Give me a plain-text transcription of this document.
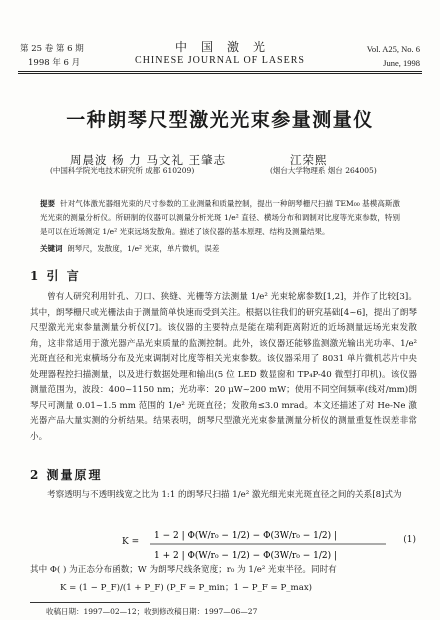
第 25 卷 第 6 期
1998 年 6 月
中国激光
CHINESE JOURNAL OF LASERS
Vol. A25, No. 6
June, 1998
一种朗琴尺型激光光束参量测量仪
周晨波 杨 力 马文礼 王肇志	江荣熙
(中国科学院光电技术研究所 成都 610209)	(烟台大学物理系 烟台 264005)
提要 针对气体激光器细光束的尺寸参数的工业测量和质量控制，提出一种朗琴栅尺扫描 TEM₀₀ 基模高斯激光光束的测量分析仪。所研制的仪器可以测量分析光斑 1/e² 直径、横场分布和调制对比度等光束参数，特别是可以在近场测定 1/e² 光束远场发散角。描述了该仪器的基本原理、结构及测量结果。
关键词 朗琴尺，发散度，1/e² 光束，单片微机，误差
1 引 言
曾有人研究利用针孔、刀口、狭缝、光栅等方法测量 1/e² 光束轮廓参数[1,2]，并作了比较[3]。其中，朗琴栅尺或光栅法由于测量简单快速而受到关注。根据以往我们的研究基础[4~6]，提出了朗琴尺型激光光束参量测量分析仪[7]。该仪器的主要特点是能在瑞利距离附近的近场测量远场光束发散角，这非常适用于激光器产品光束质量的监测控制。此外，该仪器还能够监测激光输出光功率、1/e² 光斑直径和光束横场分布及光束调制对比度等相关光束参数。该仪器采用了 8031 单片微机芯片中央处理器程控扫描测量，以及进行数据处理和输出(5 位 LED 数显窗和 TP₄P-40 微型打印机)。该仪器测量范围为，波段：400~1150 nm；光功率：20 μW~200 mW；使用不同空间频率(线对/mm)朗琴尺可测量 0.01~1.5 mm 范围的 1/e² 光斑直径；发散角≤3.0 mrad。本文还描述了对 He-Ne 激光器产品大量实测的分析结果。结果表明，朗琴尺型激光光束参量测量分析仪的测量重复性误差非常小。
2 测量原理
考察透明与不透明线宽之比为 1:1 的朗琴尺扫描 1/e² 激光细光束光斑直径之间的关系[8]式为
K =
1 − 2 | Φ(W/r₀ − 1/2) − Φ(3W/r₀ − 1/2) |
1 + 2 | Φ(W/r₀ − 1/2) − Φ(3W/r₀ − 1/2) |
(1)
其中 Φ( ) 为正态分布函数；W 为朗琴尺线条宽度；r₀ 为 1/e² 光束半径。同时有
K = (1 − P_F)/(1 + P_F) (P_F = P_min；1 − P_F = P_max)
收稿日期：1997—02—12；收到修改稿日期：1997—06—27
